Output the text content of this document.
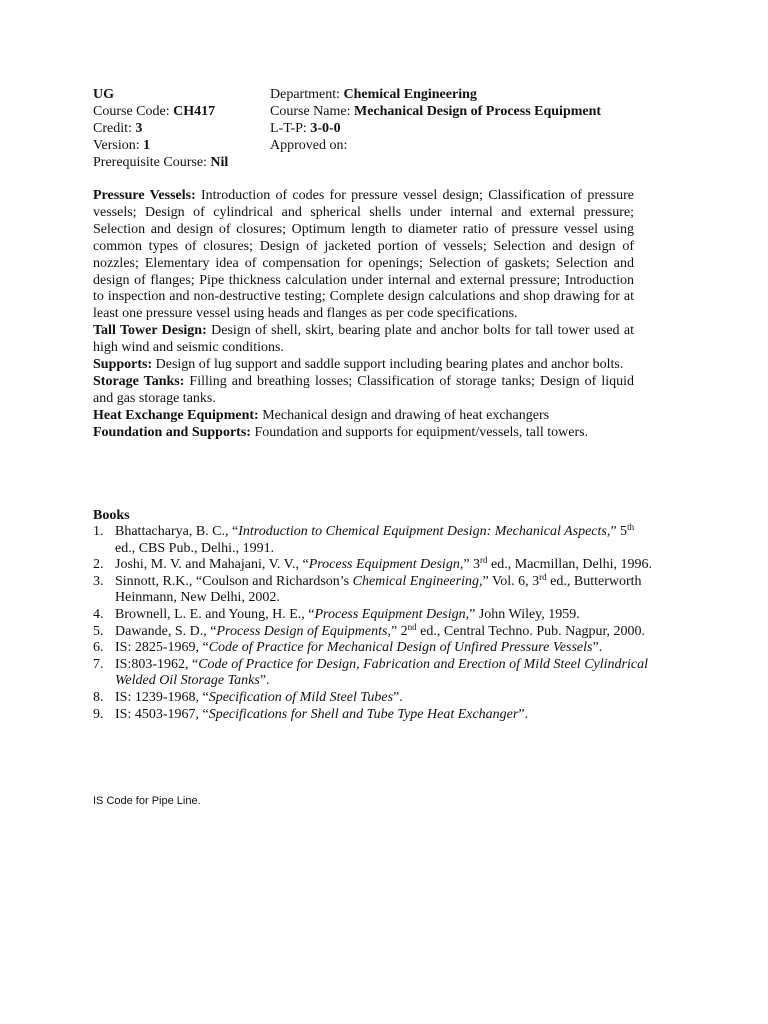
UG	Department: Chemical Engineering
Course Code: CH417	Course Name: Mechanical Design of Process Equipment
Credit: 3	L-T-P: 3-0-0
Version: 1	Approved on:
Prerequisite Course: Nil

Pressure Vessels: Introduction of codes for pressure vessel design; Classification of pressure vessels; Design of cylindrical and spherical shells under internal and external pressure; Selection and design of closures; Optimum length to diameter ratio of pressure vessel using common types of closures; Design of jacketed portion of vessels; Selection and design of nozzles; Elementary idea of compensation for openings; Selection of gaskets; Selection and design of flanges; Pipe thickness calculation under internal and external pressure; Introduction to inspection and non-destructive testing; Complete design calculations and shop drawing for at least one pressure vessel using heads and flanges as per code specifications.

Tall Tower Design: Design of shell, skirt, bearing plate and anchor bolts for tall tower used at high wind and seismic conditions.

Supports: Design of lug support and saddle support including bearing plates and anchor bolts.

Storage Tanks: Filling and breathing losses; Classification of storage tanks; Design of liquid and gas storage tanks.

Heat Exchange Equipment: Mechanical design and drawing of heat exchangers

Foundation and Supports: Foundation and supports for equipment/vessels, tall towers.

Books
1. Bhattacharya, B. C., “Introduction to Chemical Equipment Design: Mechanical Aspects,” 5th ed., CBS Pub., Delhi., 1991.
2. Joshi, M. V. and Mahajani, V. V., “Process Equipment Design,” 3rd ed., Macmillan, Delhi, 1996.
3. Sinnott, R.K., “Coulson and Richardson’s Chemical Engineering,” Vol. 6, 3rd ed., Butterworth Heinmann, New Delhi, 2002.
4. Brownell, L. E. and Young, H. E., “Process Equipment Design,” John Wiley, 1959.
5. Dawande, S. D., “Process Design of Equipments,” 2nd ed., Central Techno. Pub. Nagpur, 2000.
6. IS: 2825-1969, “Code of Practice for Mechanical Design of Unfired Pressure Vessels”.
7. IS:803-1962, “Code of Practice for Design, Fabrication and Erection of Mild Steel Cylindrical Welded Oil Storage Tanks”.
8. IS: 1239-1968, “Specification of Mild Steel Tubes”.
9. IS: 4503-1967, “Specifications for Shell and Tube Type Heat Exchanger”.
IS Code for Pipe Line.
